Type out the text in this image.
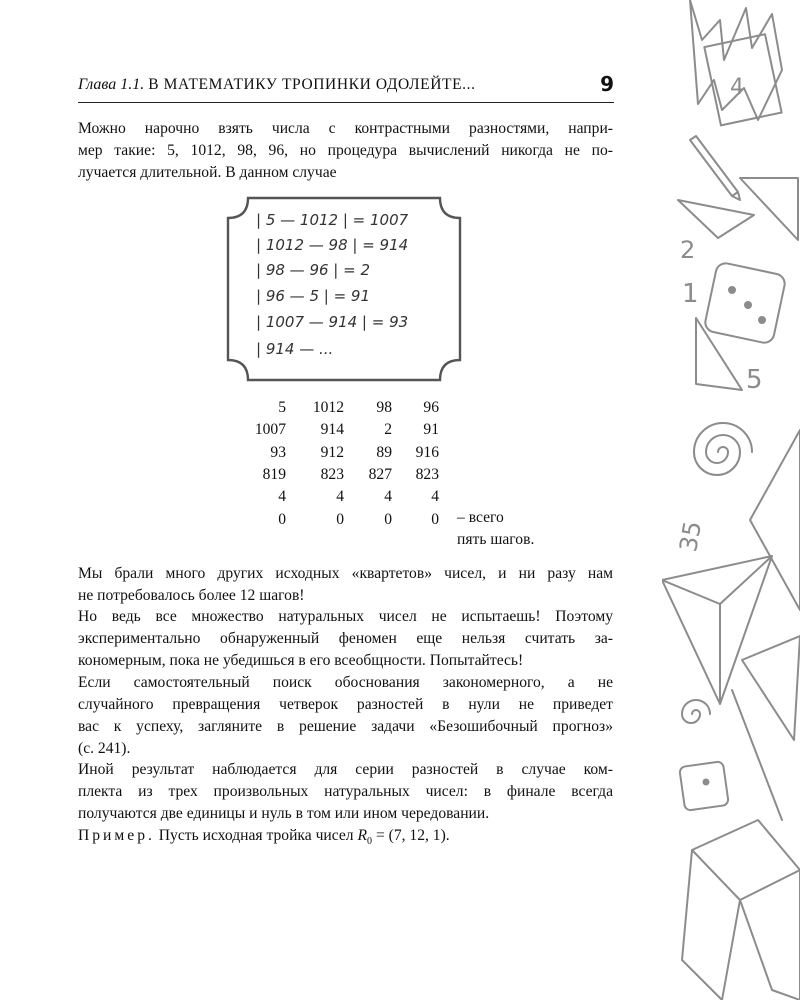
Глава 1.1. В МАТЕМАТИКУ ТРОПИНКИ ОДОЛЕЙТЕ...	9
Можно нарочно взять числа с контрастными разностями, напри-
мер такие: 5, 1012, 98, 96, но процедура вычислений никогда не по-
лучается длительной. В данном случае
| 5 — 1012 | = 1007
| 1012 — 98 | = 914
| 98 — 96 | = 2
| 96 — 5 | = 91
| 1007 — 914 | = 93
| 914 — ...
5	1012	98	96
1007	914	2	91
93	912	89	916
819	823	827	823
4	4	4	4
0	0	0	0 – всего
пять шагов.
Мы брали много других исходных «квартетов» чисел, и ни разу нам
не потребовалось более 12 шагов!
Но ведь все множество натуральных чисел не испытаешь! Поэтому
экспериментально обнаруженный феномен еще нельзя считать за-
кономерным, пока не убедишься в его всеобщности. Попытайтесь!
Если самостоятельный поиск обоснования закономерного, а не
случайного превращения четверок разностей в нули не приведет
вас к успеху, загляните в решение задачи «Безошибочный прогноз»
(с. 241).
Иной результат наблюдается для серии разностей в случае ком-
плекта из трех произвольных натуральных чисел: в финале всегда
получаются две единицы и нуль в том или ином чередовании.
Пример. Пусть исходная тройка чисел $R_0 = (7$, 12, 1).
4
2
1
5
35
